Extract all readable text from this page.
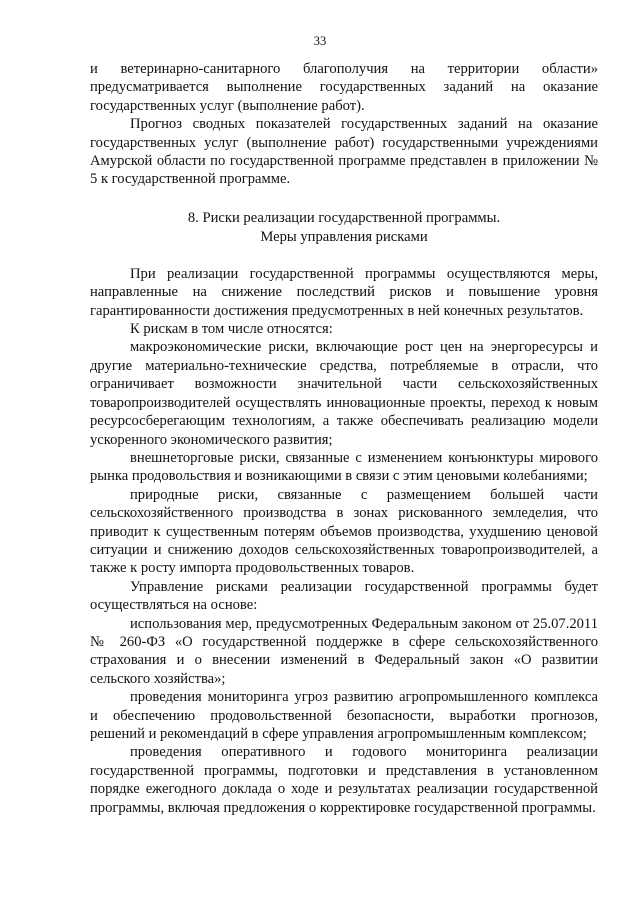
33

и ветеринарно-санитарного благополучия на территории области» предусматривается выполнение государственных заданий на оказание государственных услуг (выполнение работ).

Прогноз сводных показателей государственных заданий на оказание государственных услуг (выполнение работ) государственными учреждениями Амурской области по государственной программе представлен в приложении № 5 к государственной программе.

8. Риски реализации государственной программы.
Меры управления рисками

При реализации государственной программы осуществляются меры, направленные на снижение последствий рисков и повышение уровня гарантированности достижения предусмотренных в ней конечных результатов.

К рискам в том числе относятся:

макроэкономические риски, включающие рост цен на энергоресурсы и другие материально-технические средства, потребляемые в отрасли, что ограничивает возможности значительной части сельскохозяйственных товаропроизводителей осуществлять инновационные проекты, переход к новым ресурсосберегающим технологиям, а также обеспечивать реализацию модели ускоренного экономического развития;

внешнеторговые риски, связанные с изменением конъюнктуры мирового рынка продовольствия и возникающими в связи с этим ценовыми колебаниями;

природные риски, связанные с размещением большей части сельскохозяйственного производства в зонах рискованного земледелия, что приводит к существенным потерям объемов производства, ухудшению ценовой ситуации и снижению доходов сельскохозяйственных товаропроизводителей, а также к росту импорта продовольственных товаров.

Управление рисками реализации государственной программы будет осуществляться на основе:

использования мер, предусмотренных Федеральным законом от 25.07.2011 № 260-ФЗ «О государственной поддержке в сфере сельскохозяйственного страхования и о внесении изменений в Федеральный закон «О развитии сельского хозяйства»;

проведения мониторинга угроз развитию агропромышленного комплекса и обеспечению продовольственной безопасности, выработки прогнозов, решений и рекомендаций в сфере управления агропромышленным комплексом;

проведения оперативного и годового мониторинга реализации государственной программы, подготовки и представления в установленном порядке ежегодного доклада о ходе и результатах реализации государственной программы, включая предложения о корректировке государственной программы.
